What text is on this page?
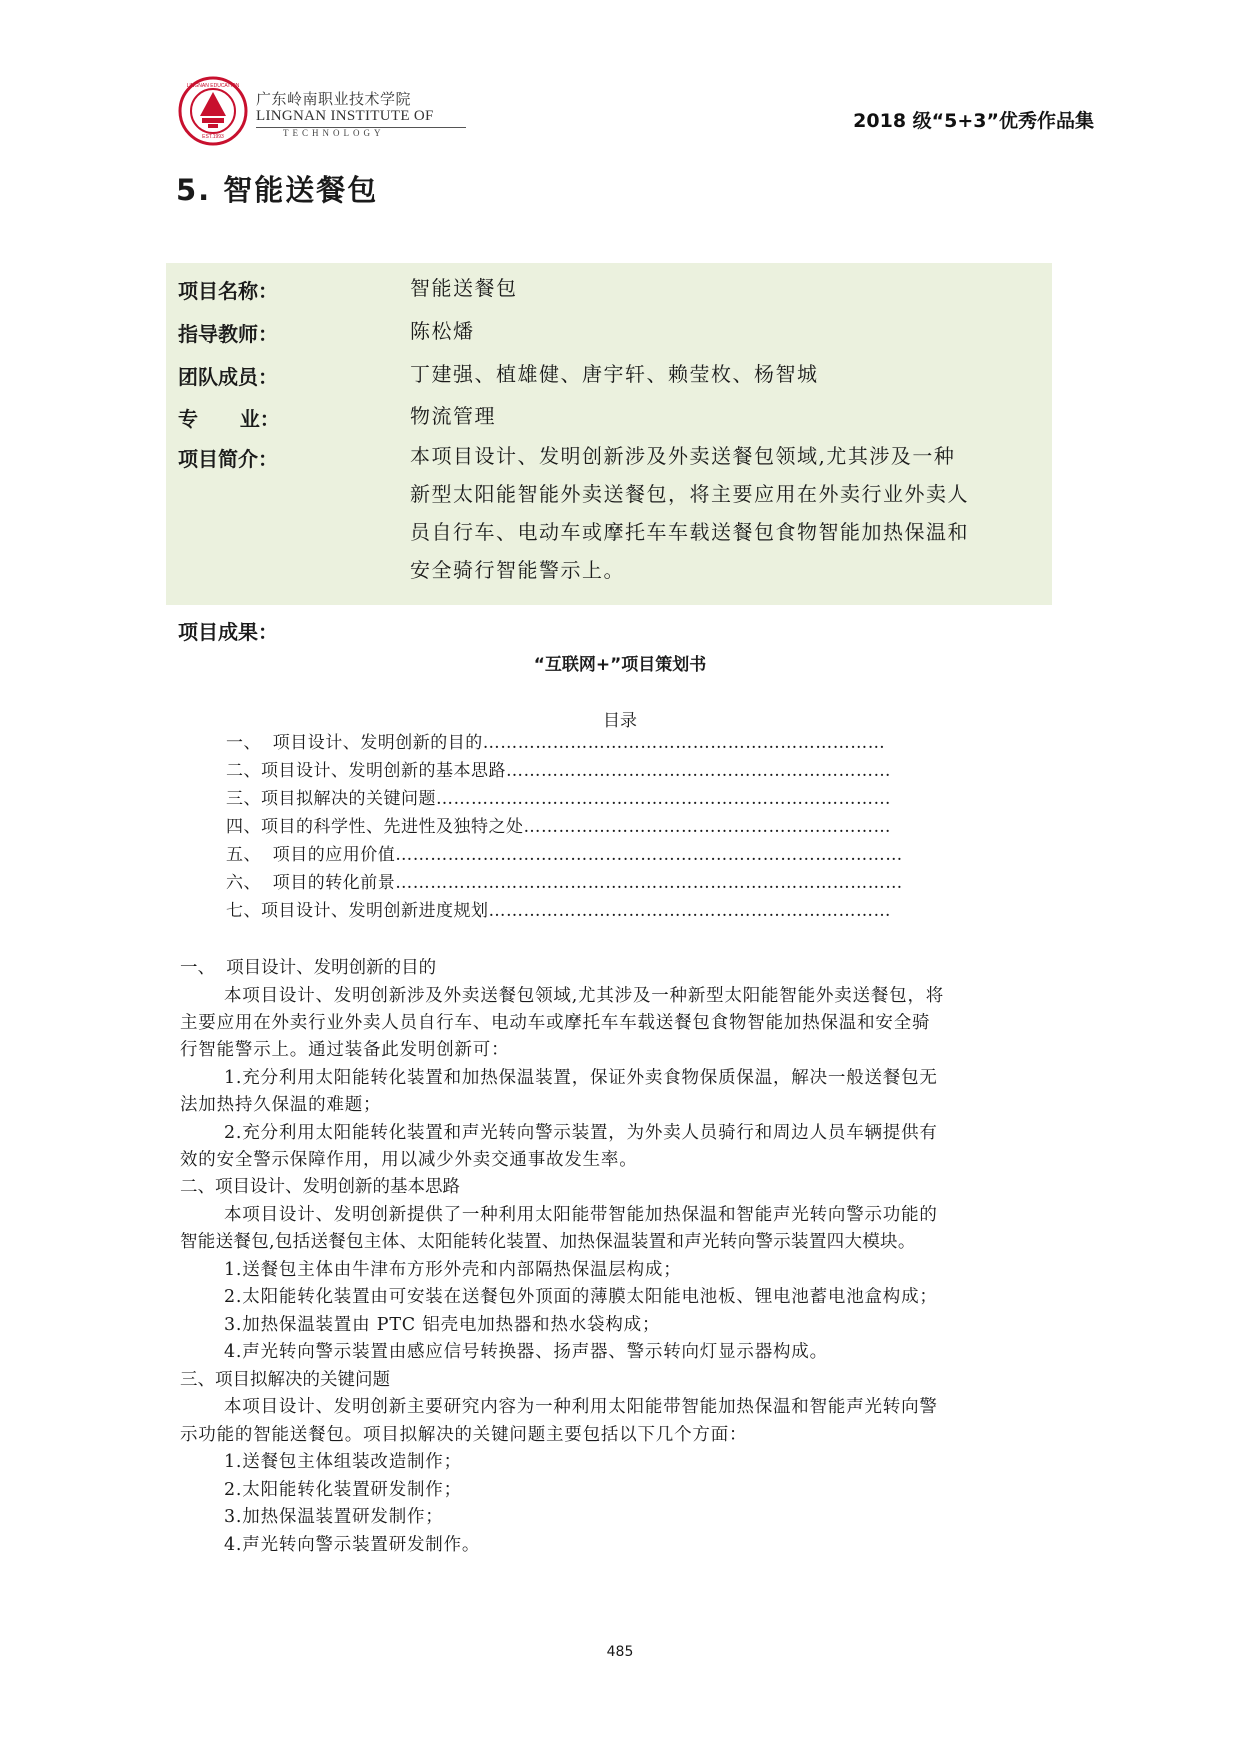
EST.1993
LINGNAN EDUCATION
广东岭南职业技术学院
LINGNAN INSTITUTE OF
TECHNOLOGY
2018 级“5+3”优秀作品集
5. 智能送餐包
项目名称：	智能送餐包
指导教师：	陈松燔
团队成员：	丁建强、植雄健、唐宇轩、赖莹枚、杨智城
专      业：	物流管理
项目简介：	本项目设计、发明创新涉及外卖送餐包领域,尤其涉及一种
新型太阳能智能外卖送餐包，将主要应用在外卖行业外卖人
员自行车、电动车或摩托车车载送餐包食物智能加热保温和
安全骑行智能警示上。
项目成果：
“互联网+”项目策划书
目录
一、  项目设计、发明创新的目的……………………………………………………………
二、项目设计、发明创新的基本思路…………………………………………………………
三、项目拟解决的关键问题……………………………………………………………………
四、项目的科学性、先进性及独特之处………………………………………………………
五、  项目的应用价值……………………………………………………………………………
六、  项目的转化前景……………………………………………………………………………
七、项目设计、发明创新进度规划……………………………………………………………
一、  项目设计、发明创新的目的
本项目设计、发明创新涉及外卖送餐包领域,尤其涉及一种新型太阳能智能外卖送餐包，将
主要应用在外卖行业外卖人员自行车、电动车或摩托车车载送餐包食物智能加热保温和安全骑
行智能警示上。通过装备此发明创新可：
1.充分利用太阳能转化装置和加热保温装置，保证外卖食物保质保温，解决一般送餐包无
法加热持久保温的难题；
2.充分利用太阳能转化装置和声光转向警示装置，为外卖人员骑行和周边人员车辆提供有
效的安全警示保障作用，用以减少外卖交通事故发生率。
二、项目设计、发明创新的基本思路
本项目设计、发明创新提供了一种利用太阳能带智能加热保温和智能声光转向警示功能的
智能送餐包,包括送餐包主体、太阳能转化装置、加热保温装置和声光转向警示装置四大模块。
1.送餐包主体由牛津布方形外壳和内部隔热保温层构成；
2.太阳能转化装置由可安装在送餐包外顶面的薄膜太阳能电池板、锂电池蓄电池盒构成；
3.加热保温装置由 PTC 铝壳电加热器和热水袋构成；
4.声光转向警示装置由感应信号转换器、扬声器、警示转向灯显示器构成。
三、项目拟解决的关键问题
本项目设计、发明创新主要研究内容为一种利用太阳能带智能加热保温和智能声光转向警
示功能的智能送餐包。项目拟解决的关键问题主要包括以下几个方面：
1.送餐包主体组装改造制作；
2.太阳能转化装置研发制作；
3.加热保温装置研发制作；
4.声光转向警示装置研发制作。
485
